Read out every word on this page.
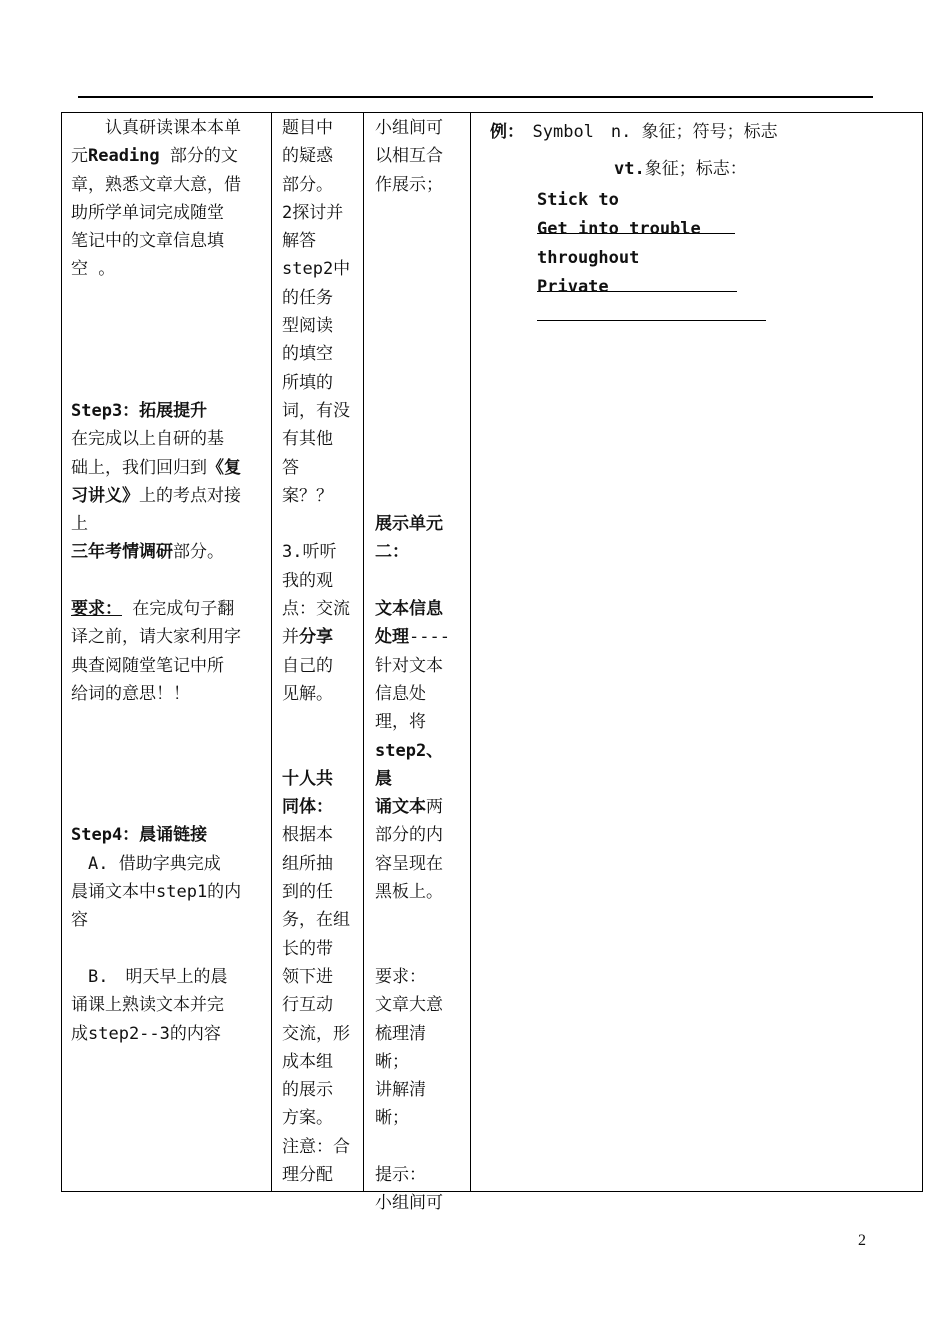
　　认真研读课本本单
元Reading 部分的文
章，熟悉文章大意，借
助所学单词完成随堂
笔记中的文章信息填
空 。
Step3：拓展提升
在完成以上自研的基
础上，我们回归到《复
习讲义》上的考点对接
上
三年考情调研部分。
要求： 在完成句子翻
译之前，请大家利用字
典查阅随堂笔记中所
给词的意思！！
Step4：晨诵链接
　A. 借助字典完成
晨诵文本中step1的内
容
　B.　明天早上的晨
诵课上熟读文本并完
成step2--3的内容
题目中
的疑惑
部分。
2探讨并
解答
step2中
的任务
型阅读
的填空
所填的
词，有没
有其他
答
案？？
3.听听
我的观
点：交流
并分享
自己的
见解。
十人共
同体：
根据本
组所抽
到的任
务，在组
长的带
领下进
行互动
交流，形
成本组
的展示
方案。
注意：合
理分配
小组间可
以相互合
作展示；
展示单元
二：
文本信息
处理----
针对文本
信息处
理，将
step2、晨
诵文本两
部分的内
容呈现在
黑板上。
要求：
文章大意
梳理清
晰；
讲解清
晰；
提示：
小组间可
例：　 Symbol　n. 象征；符号；标志
vt.象征；标志：
Stick to
Get into trouble
throughout
Private
2
